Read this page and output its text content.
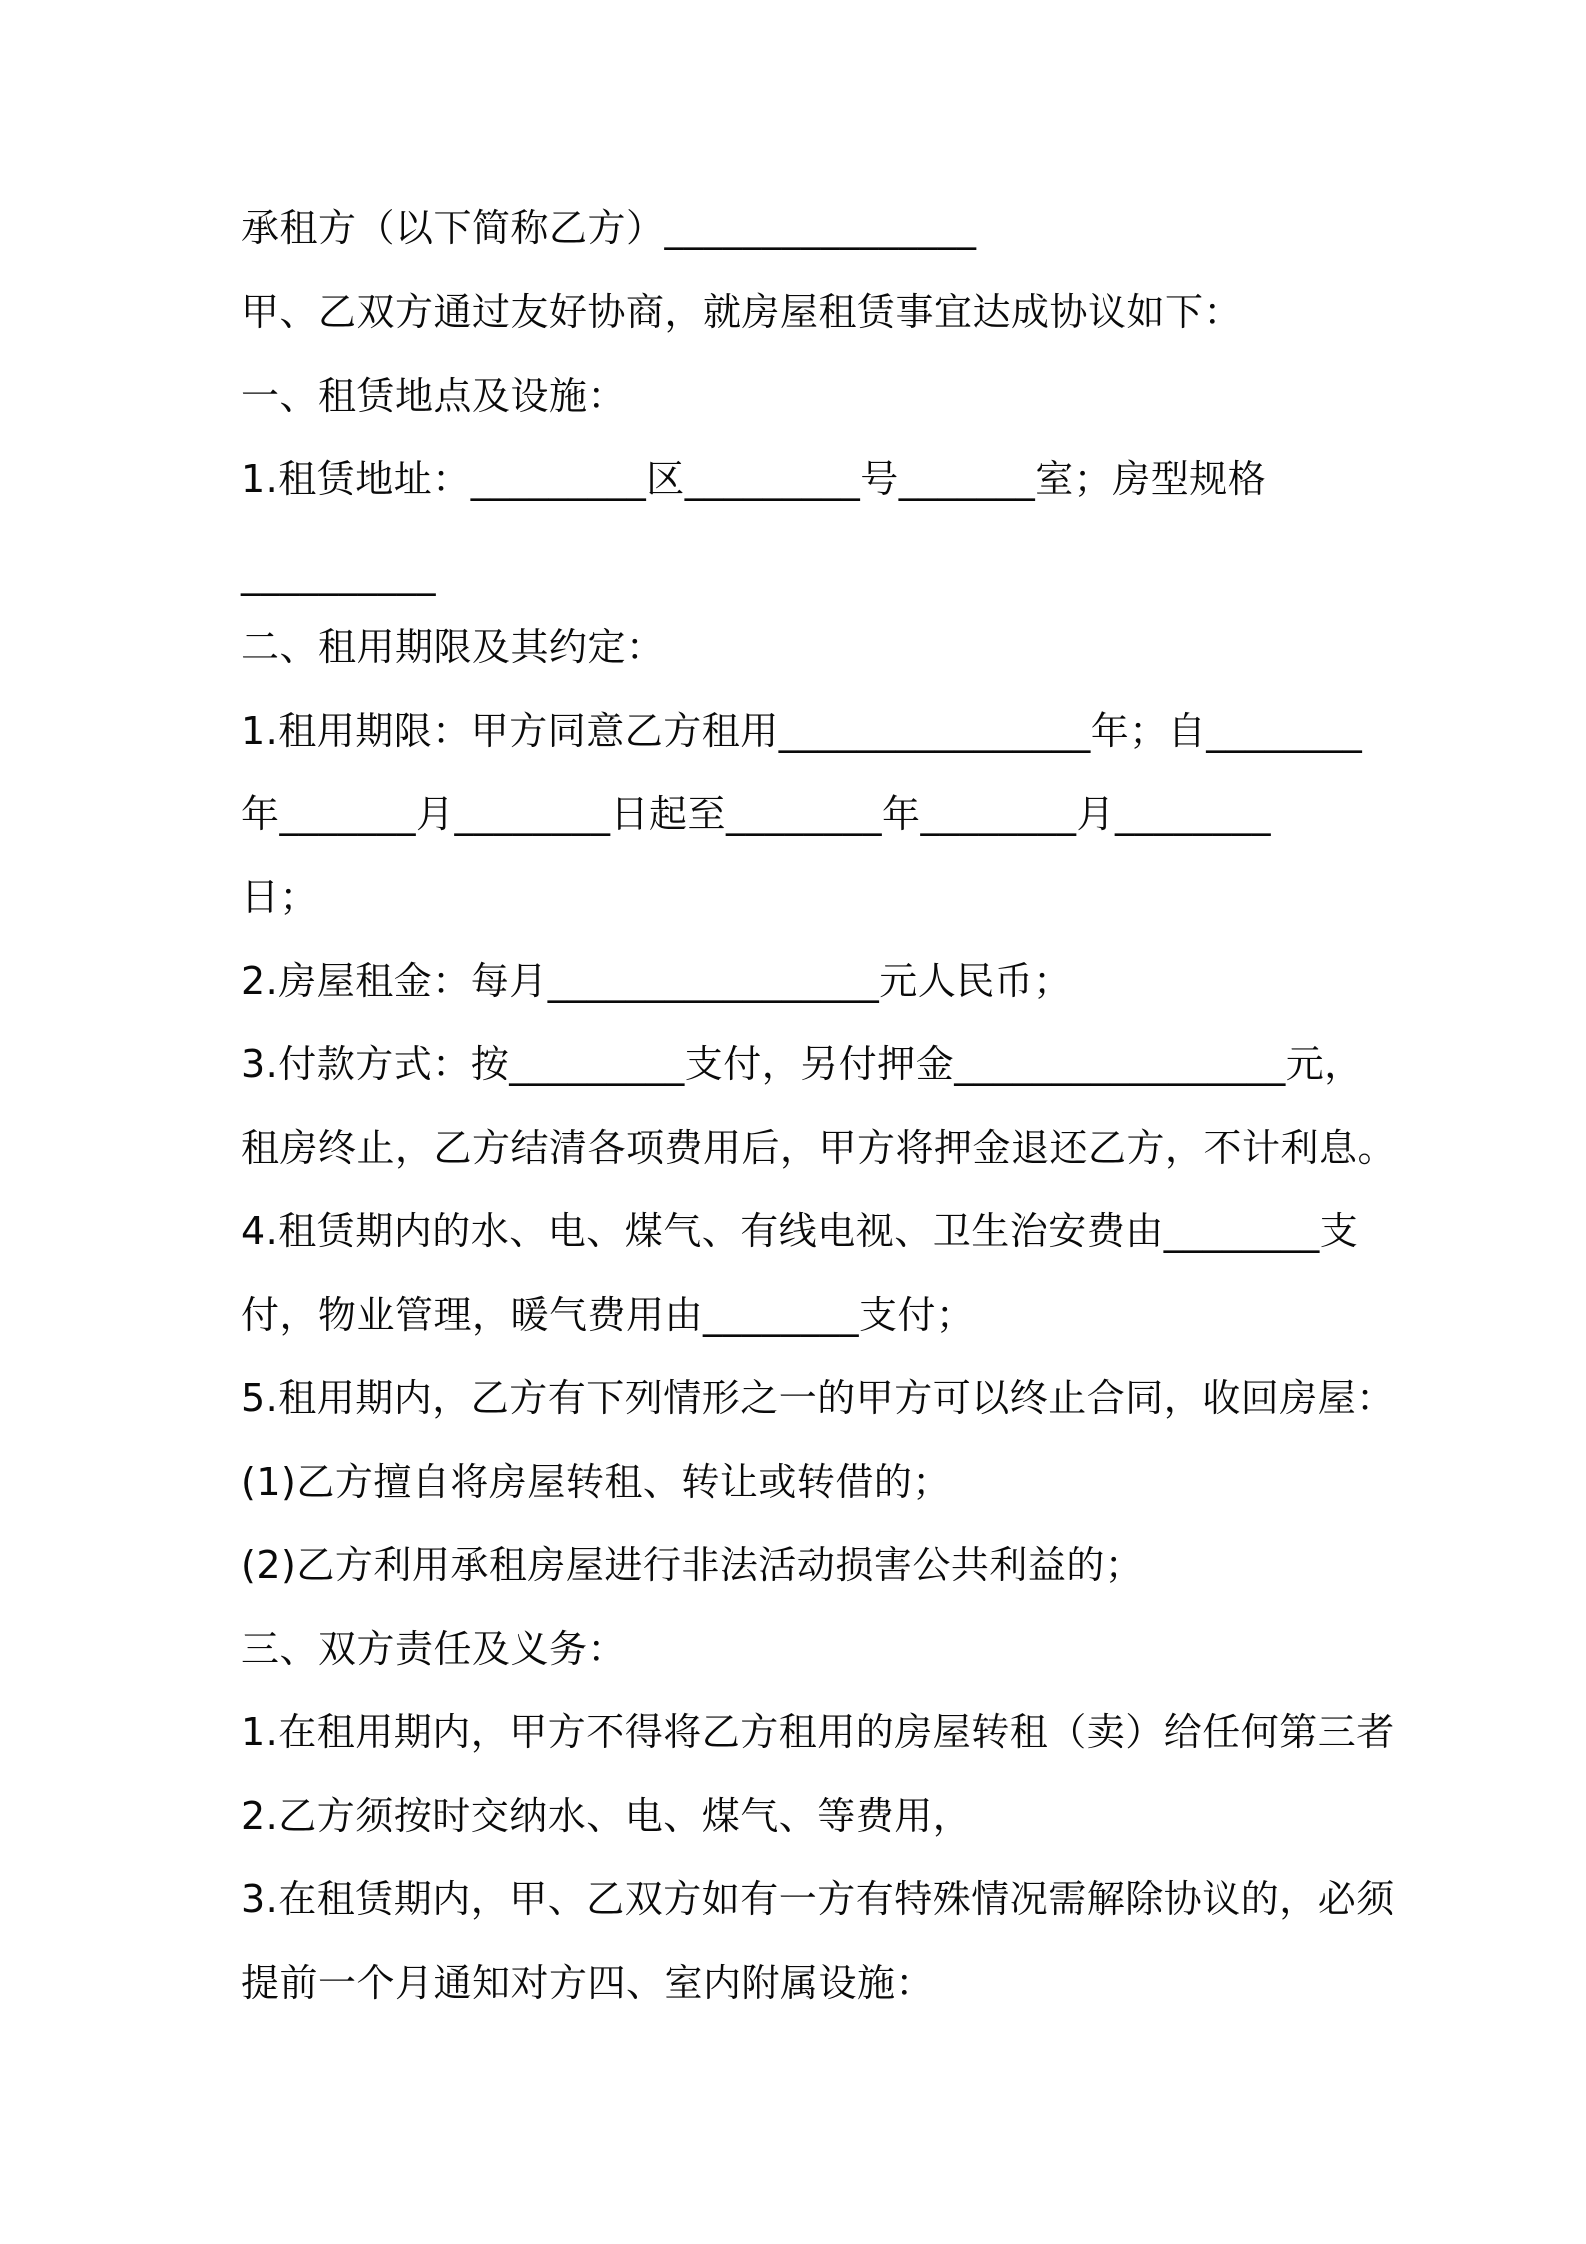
承租方（以下简称乙方）________________
甲、乙双方通过友好协商，就房屋租赁事宜达成协议如下：
一、租赁地点及设施：
1.租赁地址：_________区_________号_______室；房型规格
__________
二、租用期限及其约定：
1.租用期限：甲方同意乙方租用________________年；自________
年_______月________日起至________年________月________
日；
2.房屋租金：每月_________________元人民币；
3.付款方式：按_________支付，另付押金_________________元，
租房终止，乙方结清各项费用后，甲方将押金退还乙方，不计利息。
4.租赁期内的水、电、煤气、有线电视、卫生治安费由________支
付，物业管理，暖气费用由________支付；
5.租用期内，乙方有下列情形之一的甲方可以终止合同，收回房屋：
(1)乙方擅自将房屋转租、转让或转借的；
(2)乙方利用承租房屋进行非法活动损害公共利益的；
三、双方责任及义务：
1.在租用期内，甲方不得将乙方租用的房屋转租（卖）给任何第三者
2.乙方须按时交纳水、电、煤气、等费用，
3.在租赁期内，甲、乙双方如有一方有特殊情况需解除协议的，必须
提前一个月通知对方四、室内附属设施：
